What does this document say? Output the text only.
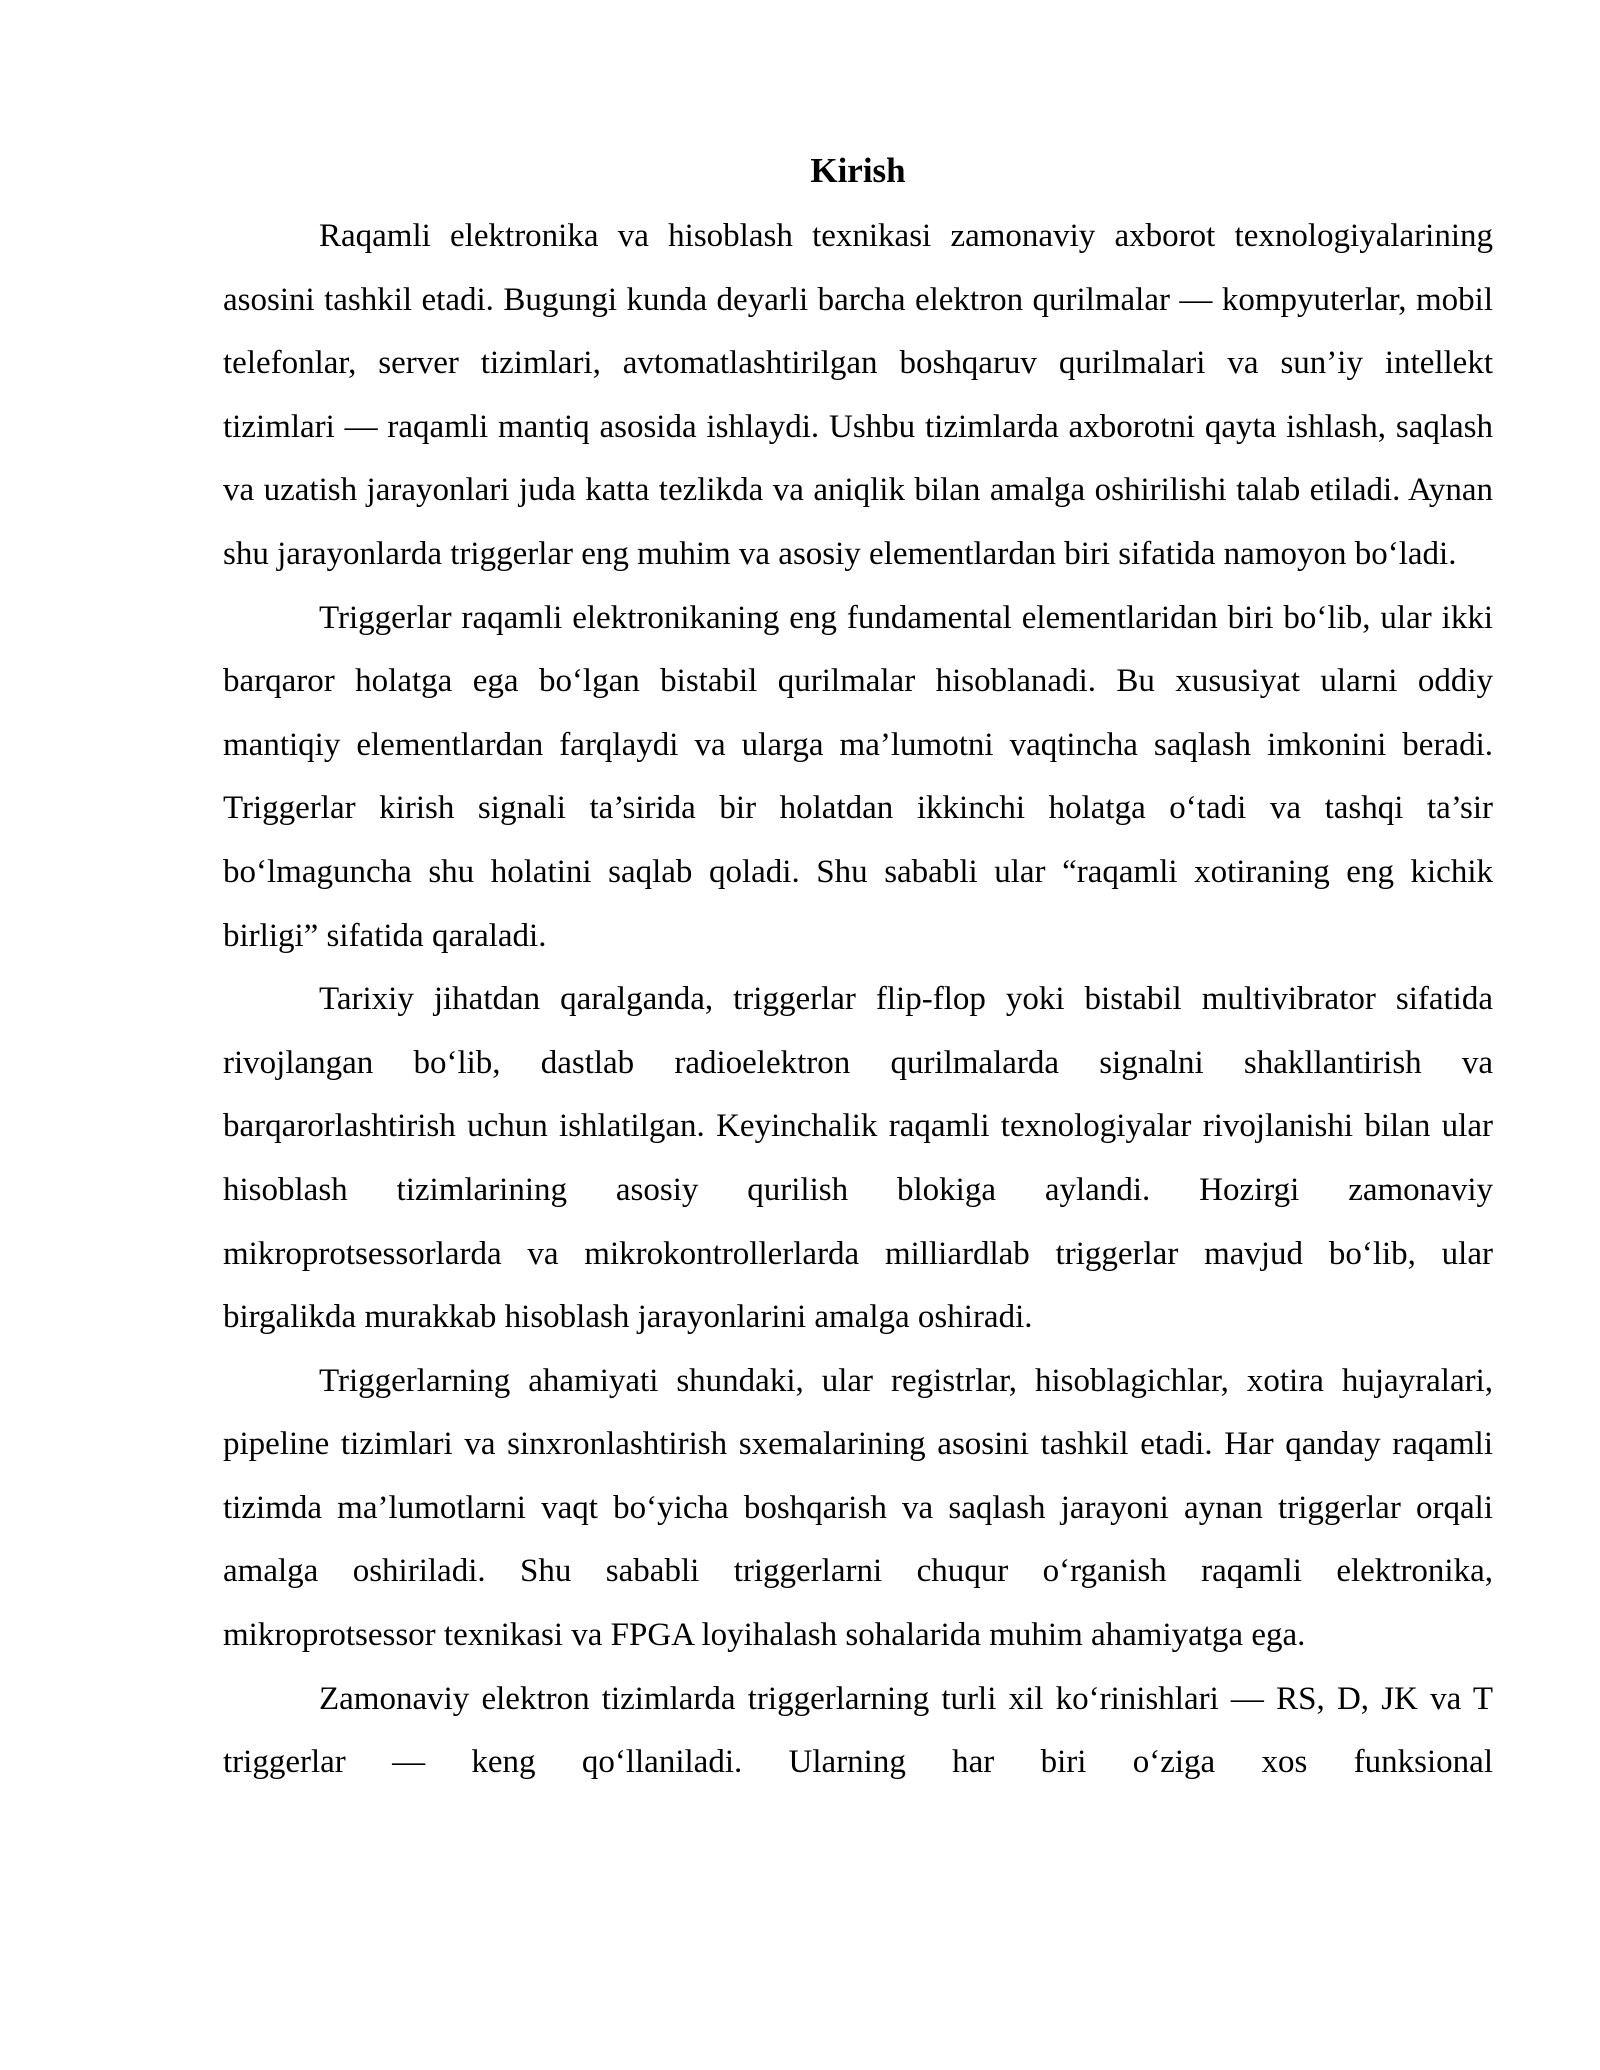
Kirish

Raqamli elektronika va hisoblash texnikasi zamonaviy axborot texnologiyalarining asosini tashkil etadi. Bugungi kunda deyarli barcha elektron qurilmalar — kompyuterlar, mobil telefonlar, server tizimlari, avtomatlashtirilgan boshqaruv qurilmalari va sun’iy intellekt tizimlari — raqamli mantiq asosida ishlaydi. Ushbu tizimlarda axborotni qayta ishlash, saqlash va uzatish jarayonlari juda katta tezlikda va aniqlik bilan amalga oshirilishi talab etiladi. Aynan shu jarayonlarda triggerlar eng muhim va asosiy elementlardan biri sifatida namoyon boʻladi.

Triggerlar raqamli elektronikaning eng fundamental elementlaridan biri boʻlib, ular ikki barqaror holatga ega boʻlgan bistabil qurilmalar hisoblanadi. Bu xususiyat ularni oddiy mantiqiy elementlardan farqlaydi va ularga ma’lumotni vaqtincha saqlash imkonini beradi. Triggerlar kirish signali ta’sirida bir holatdan ikkinchi holatga oʻtadi va tashqi ta’sir boʻlmaguncha shu holatini saqlab qoladi. Shu sababli ular “raqamli xotiraning eng kichik birligi” sifatida qaraladi.

Tarixiy jihatdan qaralganda, triggerlar flip-flop yoki bistabil multivibrator sifatida rivojlangan boʻlib, dastlab radioelektron qurilmalarda signalni shakllantirish va barqarorlashtirish uchun ishlatilgan. Keyinchalik raqamli texnologiyalar rivojlanishi bilan ular hisoblash tizimlarining asosiy qurilish blokiga aylandi. Hozirgi zamonaviy mikroprotsessorlarda va mikrokontrollerlarda milliardlab triggerlar mavjud boʻlib, ular birgalikda murakkab hisoblash jarayonlarini amalga oshiradi.

Triggerlarning ahamiyati shundaki, ular registrlar, hisoblagichlar, xotira hujayralari, pipeline tizimlari va sinxronlashtirish sxemalarining asosini tashkil etadi. Har qanday raqamli tizimda ma’lumotlarni vaqt boʻyicha boshqarish va saqlash jarayoni aynan triggerlar orqali amalga oshiriladi. Shu sababli triggerlarni chuqur oʻrganish raqamli elektronika, mikroprotsessor texnikasi va FPGA loyihalash sohalarida muhim ahamiyatga ega.

Zamonaviy elektron tizimlarda triggerlarning turli xil koʻrinishlari — RS, D, JK va T triggerlar — keng qoʻllaniladi. Ularning har biri oʻziga xos funksional
